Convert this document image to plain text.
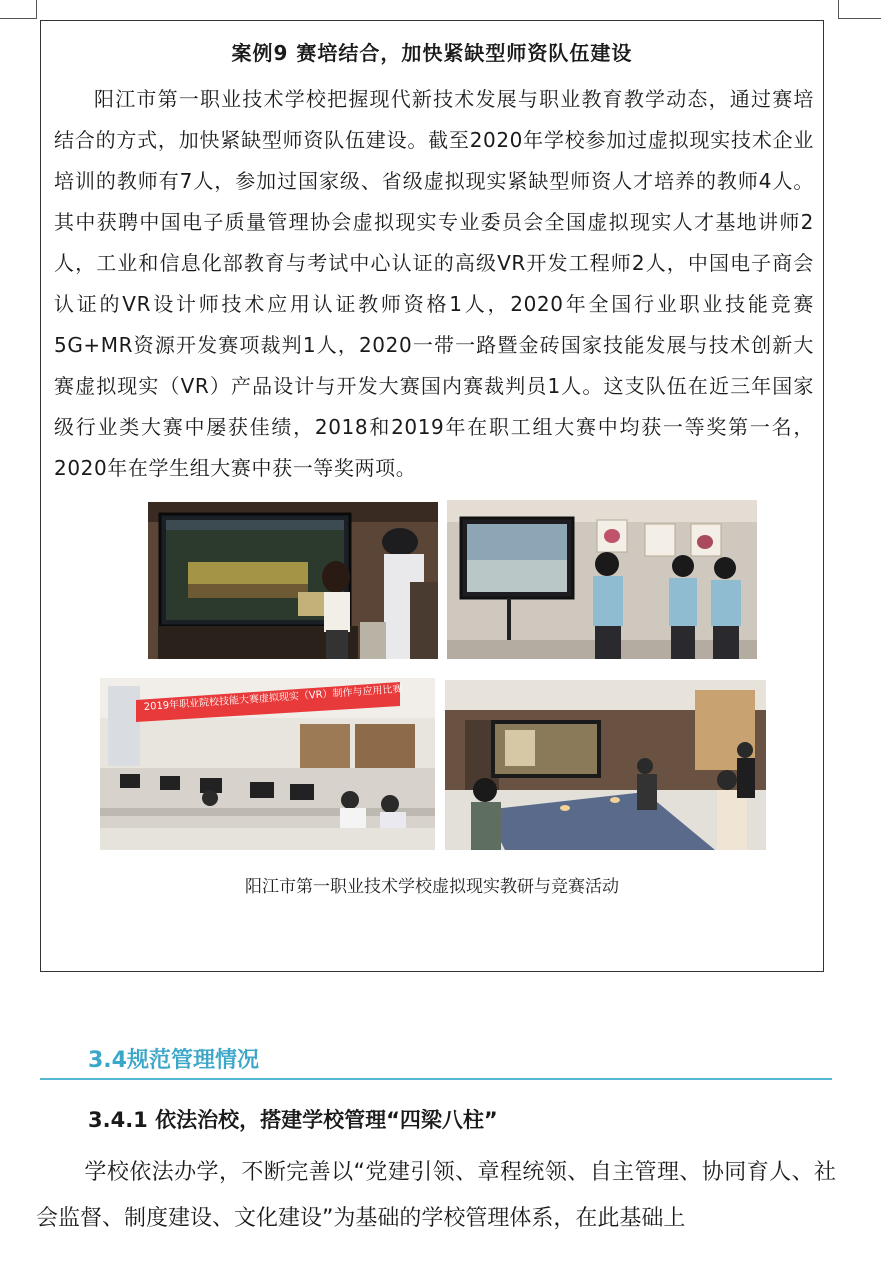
案例9 赛培结合，加快紧缺型师资队伍建设

阳江市第一职业技术学校把握现代新技术发展与职业教育教学动态，通过赛培结合的方式，加快紧缺型师资队伍建设。截至2020年学校参加过虚拟现实技术企业培训的教师有7人，参加过国家级、省级虚拟现实紧缺型师资人才培养的教师4人。其中获聘中国电子质量管理协会虚拟现实专业委员会全国虚拟现实人才基地讲师2人，工业和信息化部教育与考试中心认证的高级VR开发工程师2人，中国电子商会认证的VR设计师技术应用认证教师资格1人，2020年全国行业职业技能竞赛5G+MR资源开发赛项裁判1人，2020一带一路暨金砖国家技能发展与技术创新大赛虚拟现实（VR）产品设计与开发大赛国内赛裁判员1人。这支队伍在近三年国家级行业类大赛中屡获佳绩，2018和2019年在职工组大赛中均获一等奖第一名，2020年在学生组大赛中获一等奖两项。

2019年职业院校技能大赛虚拟现实（VR）制作与应用比赛
阳江市第一职业技术学校虚拟现实教研与竞赛活动
3.4规范管理情况
3.4.1 依法治校，搭建学校管理“四梁八柱”

学校依法办学，不断完善以“党建引领、章程统领、自主管理、协同育人、社会监督、制度建设、文化建设”为基础的学校管理体系，在此基础上
